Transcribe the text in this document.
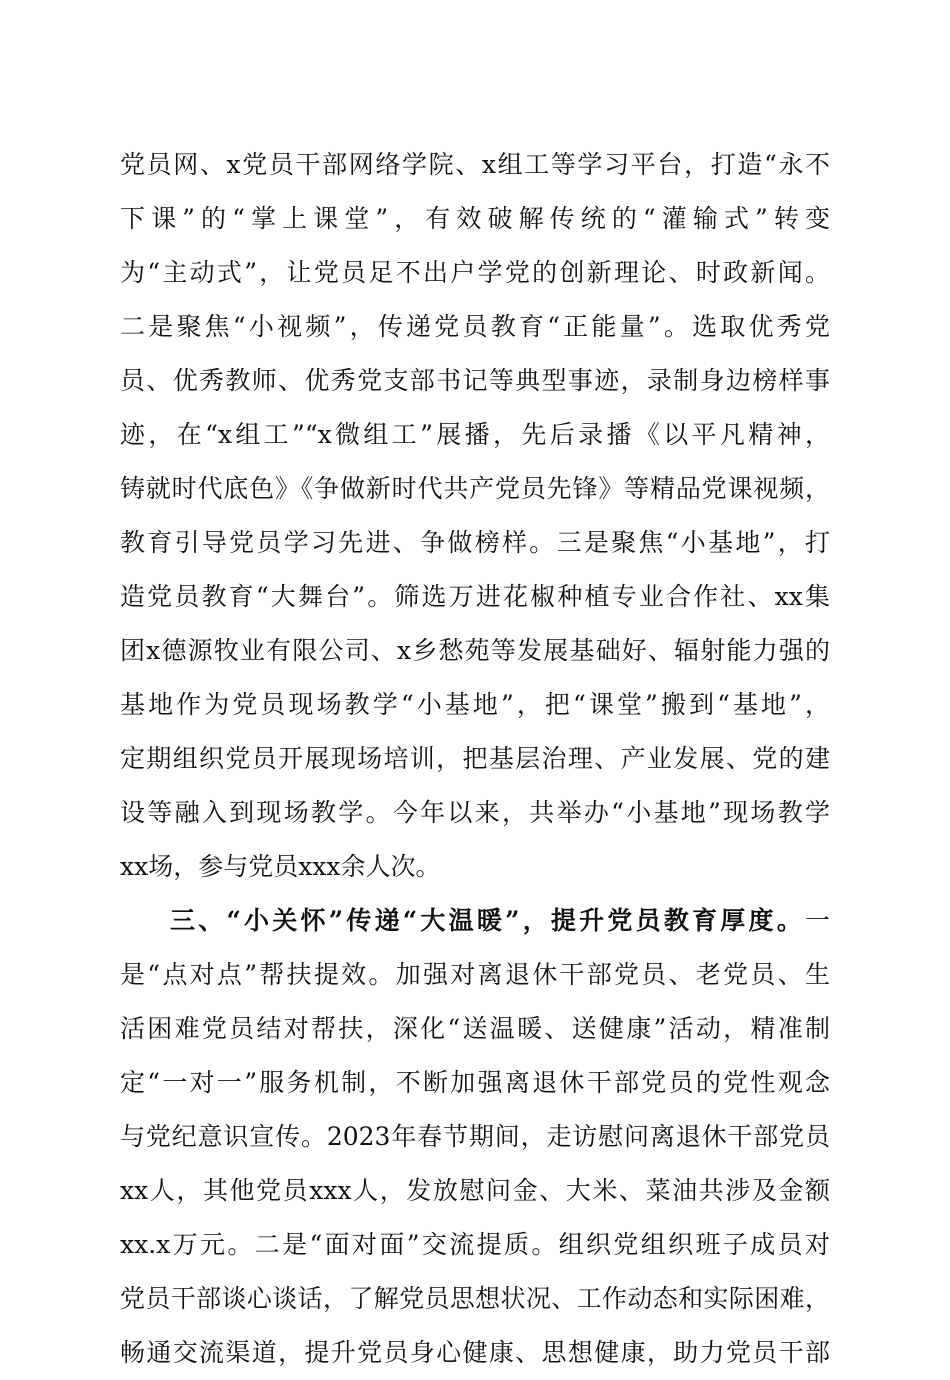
党员网、x党员干部网络学院、x组工等学习平台，打造“永不
下课”的“掌上课堂”，有效破解传统的“灌输式”转变
为“主动式”，让党员足不出户学党的创新理论、时政新闻。
二是聚焦“小视频”，传递党员教育“正能量”。选取优秀党
员、优秀教师、优秀党支部书记等典型事迹，录制身边榜样事
迹，在“x组工”“x微组工”展播，先后录播《以平凡精神，
铸就时代底色》《争做新时代共产党员先锋》等精品党课视频，
教育引导党员学习先进、争做榜样。三是聚焦“小基地”，打
造党员教育“大舞台”。筛选万进花椒种植专业合作社、xx集
团x德源牧业有限公司、x乡愁苑等发展基础好、辐射能力强的
基地作为党员现场教学“小基地”，把“课堂”搬到“基地”，
定期组织党员开展现场培训，把基层治理、产业发展、党的建
设等融入到现场教学。今年以来，共举办“小基地”现场教学
xx场，参与党员xxx余人次。
三、“小关怀”传递“大温暖”，提升党员教育厚度。一
是“点对点”帮扶提效。加强对离退休干部党员、老党员、生
活困难党员结对帮扶，深化“送温暖、送健康”活动，精准制
定“一对一”服务机制，不断加强离退休干部党员的党性观念
与党纪意识宣传。2023年春节期间，走访慰问离退休干部党员
xx人，其他党员xxx人，发放慰问金、大米、菜油共涉及金额
xx.x万元。二是“面对面”交流提质。组织党组织班子成员对
党员干部谈心谈话，了解党员思想状况、工作动态和实际困难，
畅通交流渠道，提升党员身心健康、思想健康，助力党员干部
